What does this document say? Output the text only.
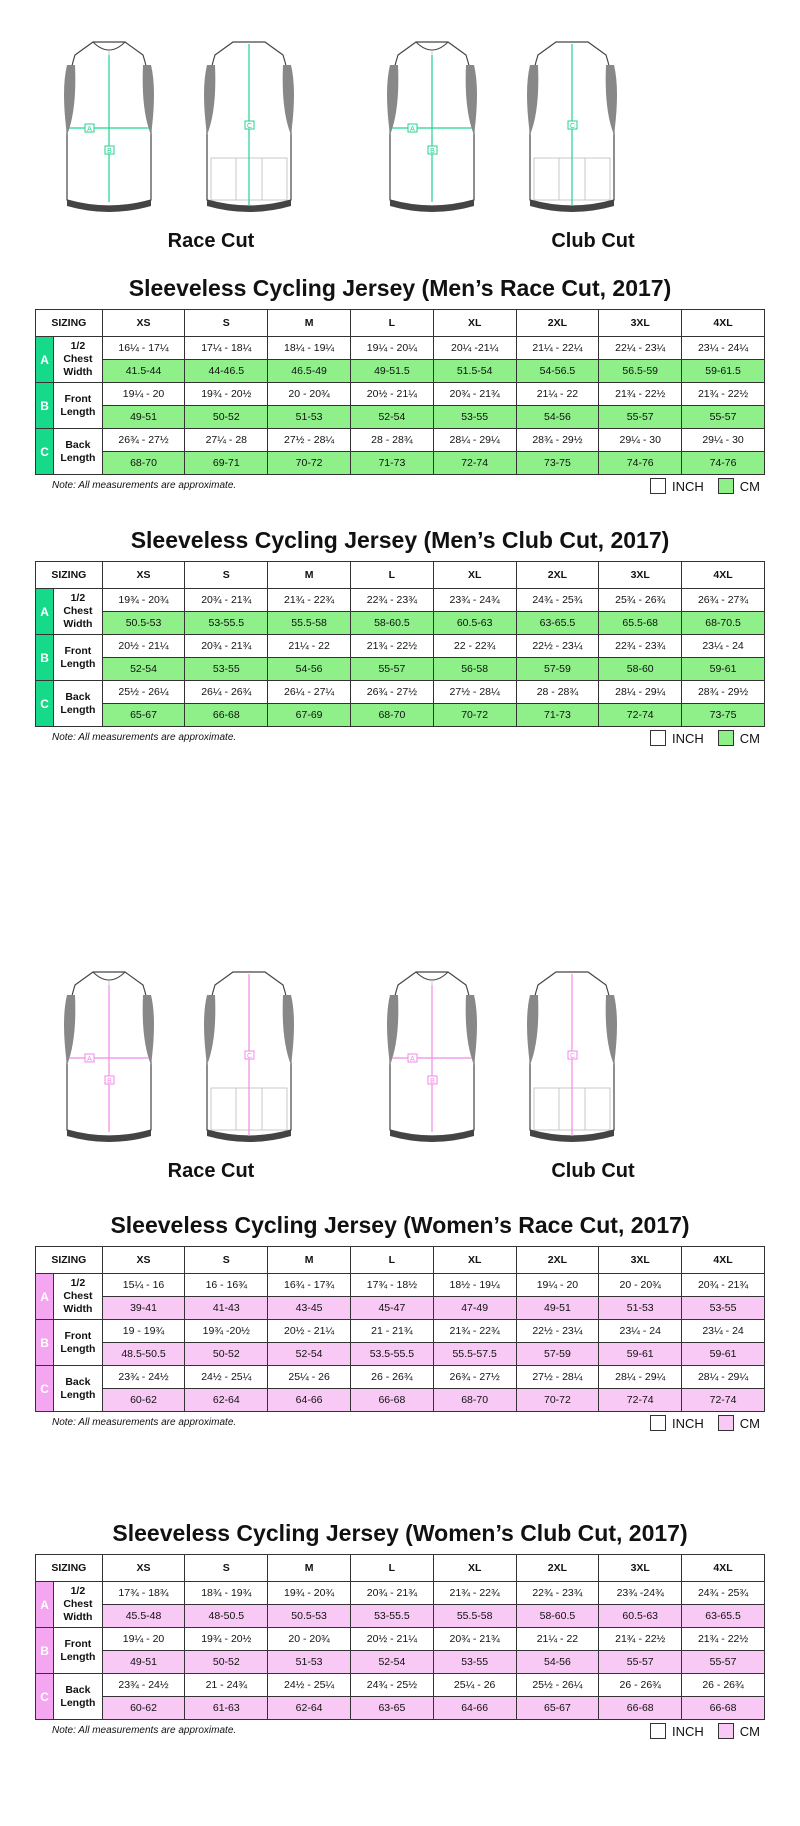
A
B
C	A
B
C
Race Cut	Club Cut
Sleeveless Cycling Jersey (Men’s Race Cut, 2017)
SIZING		XS	S	M	L	XL	2XL	3XL	4XL
A	1/2
Chest
Width	16¼ - 17¼	17¼ - 18¼	18¼ - 19¼	19¼ - 20¼	20¼ -21¼	21¼ - 22¼	22¼ - 23¼	23¼ - 24¼
		41.5-44	44-46.5	46.5-49	49-51.5	51.5-54	54-56.5	56.5-59	59-61.5
B	Front
Length	19¼ - 20	19¾ - 20½	20 - 20¾	20½ - 21¼	20¾ - 21¾	21¼ - 22	21¾ - 22½	21¾ - 22½
		49-51	50-52	51-53	52-54	53-55	54-56	55-57	55-57
C	Back
Length	26¾ - 27½	27¼ - 28	27½ - 28¼	28 - 28¾	28¼ - 29¼	28¾ - 29½	29¼ - 30	29¼ - 30
		68-70	69-71	70-72	71-73	72-74	73-75	74-76	74-76
Note: All measurements are approximate.	INCH	CM
Sleeveless Cycling Jersey (Men’s Club Cut, 2017)
SIZING		XS	S	M	L	XL	2XL	3XL	4XL
A	1/2
Chest
Width	19¾ - 20¾	20¾ - 21¾	21¾ - 22¾	22¾ - 23¾	23¾ - 24¾	24¾ - 25¾	25¾ - 26¾	26¾ - 27¾
		50.5-53	53-55.5	55.5-58	58-60.5	60.5-63	63-65.5	65.5-68	68-70.5
B	Front
Length	20½ - 21¼	20¾ - 21¾	21¼ - 22	21¾ - 22½	22 - 22¾	22½ - 23¼	22¾ - 23¾	23¼ - 24
		52-54	53-55	54-56	55-57	56-58	57-59	58-60	59-61
C	Back
Length	25½ - 26¼	26¼ - 26¾	26¼ - 27¼	26¾ - 27½	27½ - 28¼	28 - 28¾	28¼ - 29¼	28¾ - 29½
		65-67	66-68	67-69	68-70	70-72	71-73	72-74	73-75
Note: All measurements are approximate.	INCH	CM
A
B
C	A
B
C
Race Cut	Club Cut
Sleeveless Cycling Jersey (Women’s Race Cut, 2017)
SIZING		XS	S	M	L	XL	2XL	3XL	4XL
A	1/2
Chest
Width	15¼ - 16	16 - 16¾	16¾ - 17¾	17¾ - 18½	18½ - 19¼	19¼ - 20	20 - 20¾	20¾ - 21¾
		39-41	41-43	43-45	45-47	47-49	49-51	51-53	53-55
B	Front
Length	19 - 19¾	19¾ -20½	20½ - 21¼	21 - 21¾	21¾ - 22¾	22½ - 23¼	23¼ - 24	23¼ - 24
		48.5-50.5	50-52	52-54	53.5-55.5	55.5-57.5	57-59	59-61	59-61
C	Back
Length	23¾ - 24½	24½ - 25¼	25¼ - 26	26 - 26¾	26¾ - 27½	27½ - 28¼	28¼ - 29¼	28¼ - 29¼
		60-62	62-64	64-66	66-68	68-70	70-72	72-74	72-74
Note: All measurements are approximate.	INCH	CM
Sleeveless Cycling Jersey (Women’s Club Cut, 2017)
SIZING		XS	S	M	L	XL	2XL	3XL	4XL
A	1/2
Chest
Width	17¾ - 18¾	18¾ - 19¾	19¾ - 20¾	20¾ - 21¾	21¾ - 22¾	22¾ - 23¾	23¾ -24¾	24¾ - 25¾
		45.5-48	48-50.5	50.5-53	53-55.5	55.5-58	58-60.5	60.5-63	63-65.5
B	Front
Length	19¼ - 20	19¾ - 20½	20 - 20¾	20½ - 21¼	20¾ - 21¾	21¼ - 22	21¾ - 22½	21¾ - 22½
		49-51	50-52	51-53	52-54	53-55	54-56	55-57	55-57
C	Back
Length	23¾ - 24½	21 - 24¾	24½ - 25¼	24¾ - 25½	25¼ - 26	25½ - 26¼	26 - 26¾	26 - 26¾
		60-62	61-63	62-64	63-65	64-66	65-67	66-68	66-68
Note: All measurements are approximate.	INCH	CM
